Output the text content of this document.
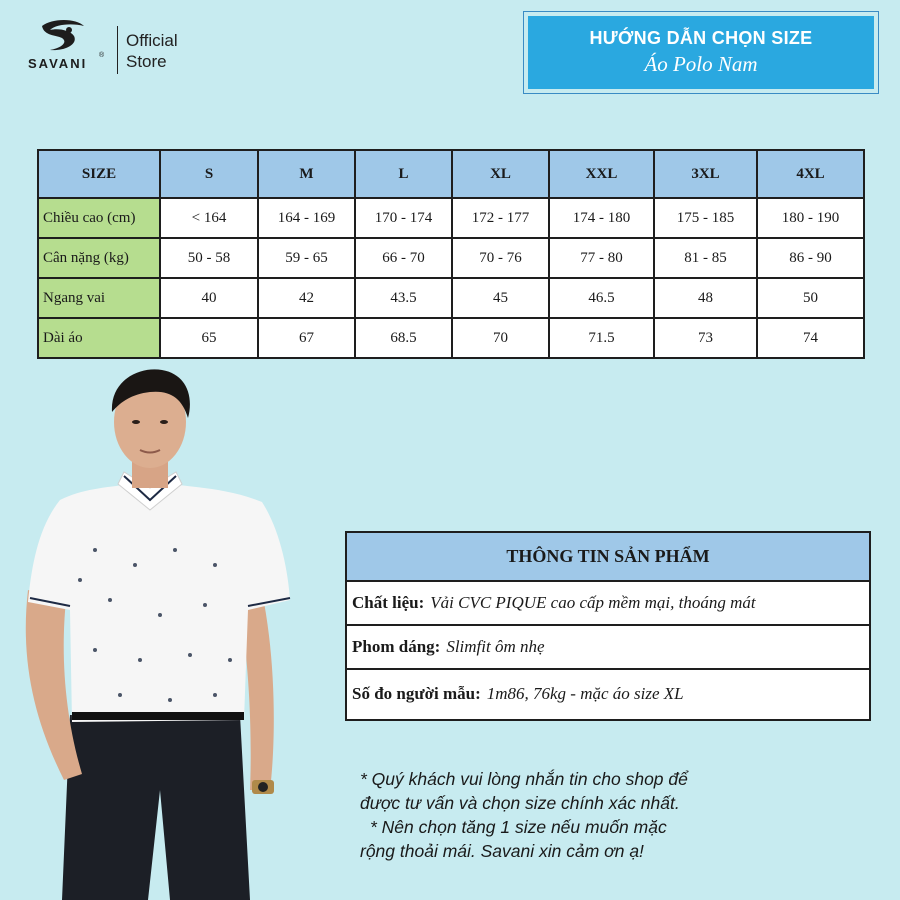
SAVANI
®
Official
Store
HƯỚNG DẪN CHỌN SIZE
Áo Polo Nam
SIZE	S	M	L	XL	XXL	3XL	4XL
Chiều cao (cm)	< 164	164 - 169	170 - 174	172 - 177	174 - 180	175 - 185	180 - 190
Cân nặng (kg)	50 - 58	59 - 65	66 - 70	70 - 76	77 - 80	81 - 85	86 - 90
Ngang vai	40	42	43.5	45	46.5	48	50
Dài áo	65	67	68.5	70	71.5	73	74
THÔNG TIN SẢN PHẨM
Chất liệu: Vải CVC PIQUE cao cấp mềm mại, thoáng mát
Phom dáng: Slimfit ôm nhẹ
Số đo người mẫu: 1m86, 76kg - mặc áo size XL
* Quý khách vui lòng nhắn tin cho shop để
được tư vấn và chọn size chính xác nhất.
* Nên chọn tăng 1 size nếu muốn mặc
rộng thoải mái. Savani xin cảm ơn ạ!
